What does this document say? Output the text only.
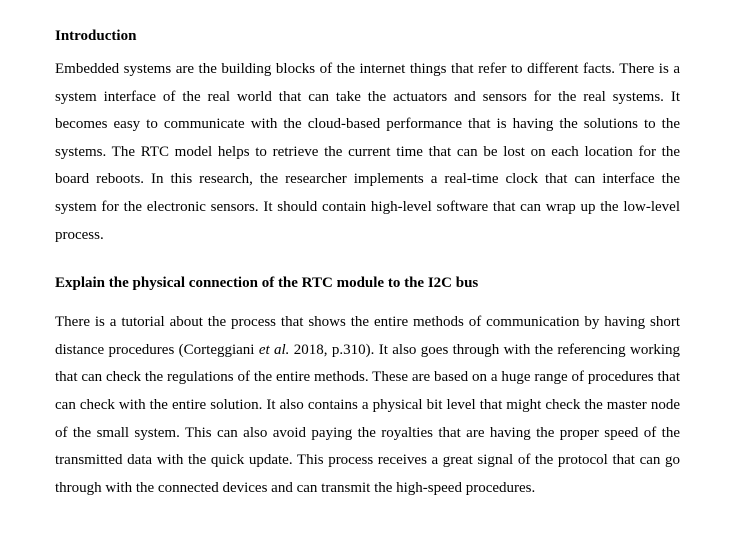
Introduction

Embedded systems are the building blocks of the internet things that refer to different facts. There is a system interface of the real world that can take the actuators and sensors for the real systems. It becomes easy to communicate with the cloud-based performance that is having the solutions to the systems. The RTC model helps to retrieve the current time that can be lost on each location for the board reboots. In this research, the researcher implements a real-time clock that can interface the system for the electronic sensors. It should contain high-level software that can wrap up the low-level process.

Explain the physical connection of the RTC module to the I2C bus

There is a tutorial about the process that shows the entire methods of communication by having short distance procedures (Corteggiani et al. 2018, p.310). It also goes through with the referencing working that can check the regulations of the entire methods. These are based on a huge range of procedures that can check with the entire solution. It also contains a physical bit level that might check the master node of the small system. This can also avoid paying the royalties that are having the proper speed of the transmitted data with the quick update. This process receives a great signal of the protocol that can go through with the connected devices and can transmit the high-speed procedures.
